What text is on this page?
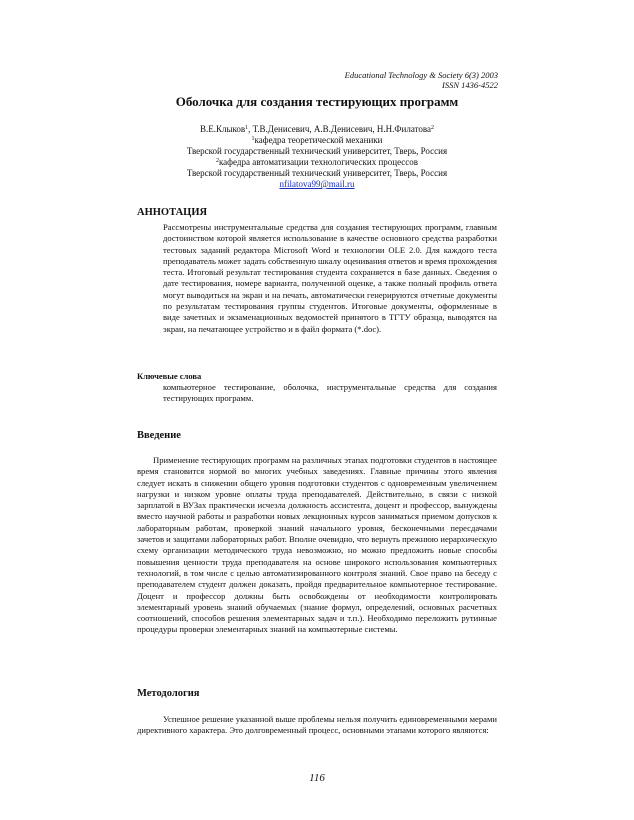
Educational Technology & Society 6(3) 2003
ISSN 1436-4522
Оболочка для создания тестирующих программ
В.Е.Клыков$^1$, Т.В.Денисевич, А.В.Денисевич, Н.Н.Филатова$^2$
$^1$кафедра теоретической механики
Тверской государственный технический университет, Тверь, Россия
$^2$кафедра автоматизации технологических процессов
Тверской государственный технический университет, Тверь, Россия
nfilatova99@mail.ru
АННОТАЦИЯ
Рассмотрены инструментальные средства для создания тестирующих программ, главным достоинством которой является использование в качестве основного средства разработки тестовых заданий редактора Microsoft Word и технологии OLE 2.0. Для каждого теста преподаватель может задать собственную шкалу оценивания ответов и время прохождения теста. Итоговый результат тестирования студента сохраняется в базе данных. Сведения о дате тестирования, номере варианта, полученной оценке, а также полный профиль ответа могут выводиться на экран и на печать, автоматически генерируются отчетные документы по результатам тестирования группы студентов. Итоговые документы, оформленные в виде зачетных и экзаменационных ведомостей принятого в ТГТУ образца, выводятся на экран, на печатающее устройство и в файл формата (*.doc).
Ключевые слова
компьютерное тестирование, оболочка, инструментальные средства для создания тестирующих программ.
Введение
Применение тестирующих программ на различных этапах подготовки студентов в настоящее время становится нормой во многих учебных заведениях. Главные причины этого явления следует искать в снижении общего уровня подготовки студентов с одновременным увеличением нагрузки и низком уровне оплаты труда преподавателей. Действительно, в связи с низкой зарплатой в ВУЗах практически исчезла должность ассистента, доцент и профессор, вынуждены вместо научной работы и разработки новых лекционных курсов заниматься приемом допусков к лабораторным работам, проверкой знаний начального уровня, бесконечными пересдачами зачетов и защитами лабораторных работ. Вполне очевидно, что вернуть прежнюю иерархическую схему организации методического труда невозможно, но можно предложить новые способы повышения ценности труда преподавателя на основе широкого использования компьютерных технологий, в том числе с целью автоматизированного контроля знаний. Свое право на беседу с преподавателем студент должен доказать, пройдя предварительное компьютерное тестирование. Доцент и профессор должны быть освобождены от необходимости контролировать элементарный уровень знаний обучаемых (знание формул, определений, основных расчетных соотношений, способов решения элементарных задач и т.п.). Необходимо переложить рутинные процедуры проверки элементарных знаний на компьютерные системы.
Методология
Успешное решение указанной выше проблемы нельзя получить единовременными мерами директивного характера. Это долговременный процесс, основными этапами которого являются:
116
